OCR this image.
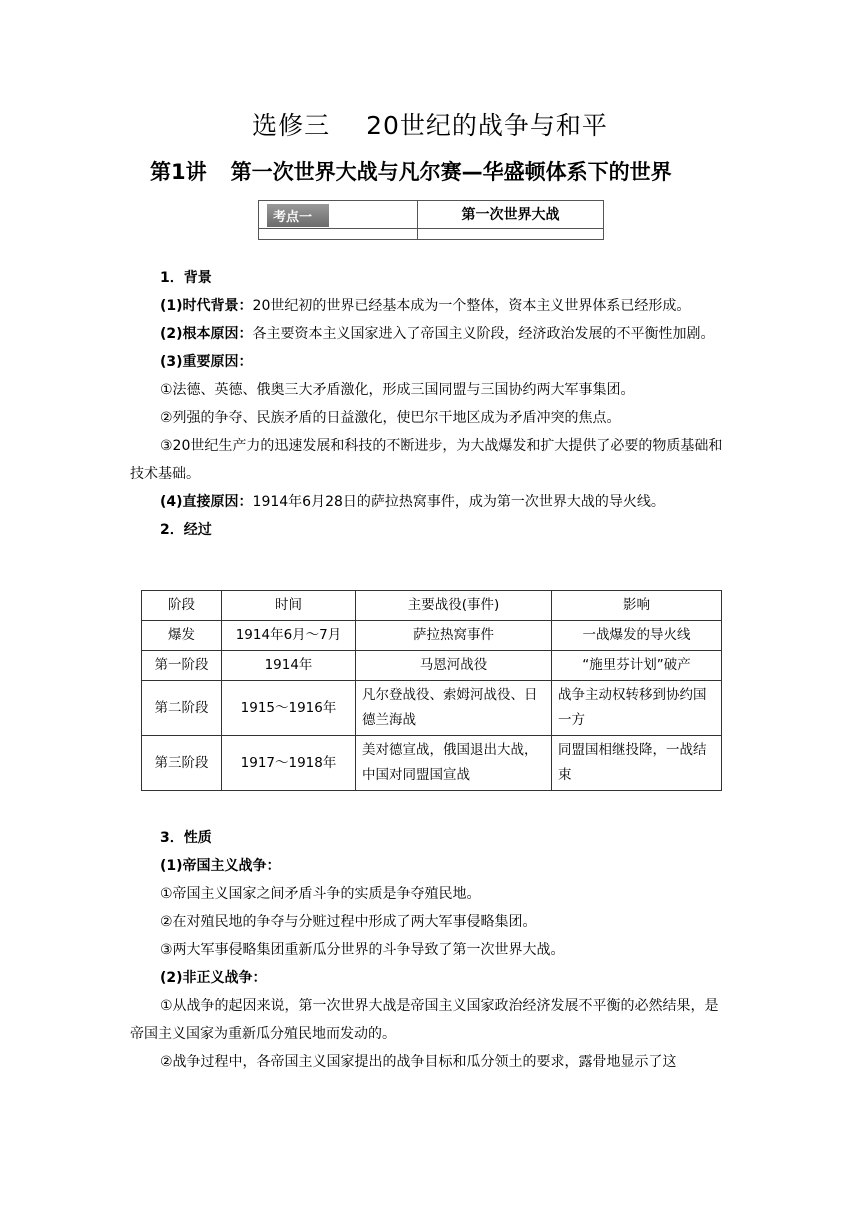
选修三 20世纪的战争与和平
第1讲 第一次世界大战与凡尔赛—华盛顿体系下的世界
考点一	第一次世界大战

1．背景
(1)时代背景：20世纪初的世界已经基本成为一个整体，资本主义世界体系已经形成。
(2)根本原因：各主要资本主义国家进入了帝国主义阶段，经济政治发展的不平衡性加剧。
(3)重要原因：
①法德、英德、俄奥三大矛盾激化，形成三国同盟与三国协约两大军事集团。
②列强的争夺、民族矛盾的日益激化，使巴尔干地区成为矛盾冲突的焦点。
③20世纪生产力的迅速发展和科技的不断进步，为大战爆发和扩大提供了必要的物质基础和技术基础。
(4)直接原因：1914年6月28日的萨拉热窝事件，成为第一次世界大战的导火线。
2．经过
阶段	时间	主要战役(事件)	影响
爆发	1914年6月～7月	萨拉热窝事件	一战爆发的导火线
第一阶段	1914年	马恩河战役	“施里芬计划”破产
第二阶段	1915～1916年	凡尔登战役、索姆河战役、日德兰海战	战争主动权转移到协约国一方
第三阶段	1917～1918年	美对德宣战，俄国退出大战，中国对同盟国宣战	同盟国相继投降，一战结束
3．性质
(1)帝国主义战争：
①帝国主义国家之间矛盾斗争的实质是争夺殖民地。
②在对殖民地的争夺与分赃过程中形成了两大军事侵略集团。
③两大军事侵略集团重新瓜分世界的斗争导致了第一次世界大战。
(2)非正义战争：
①从战争的起因来说，第一次世界大战是帝国主义国家政治经济发展不平衡的必然结果，是帝国主义国家为重新瓜分殖民地而发动的。
②战争过程中，各帝国主义国家提出的战争目标和瓜分领土的要求，露骨地显示了这
